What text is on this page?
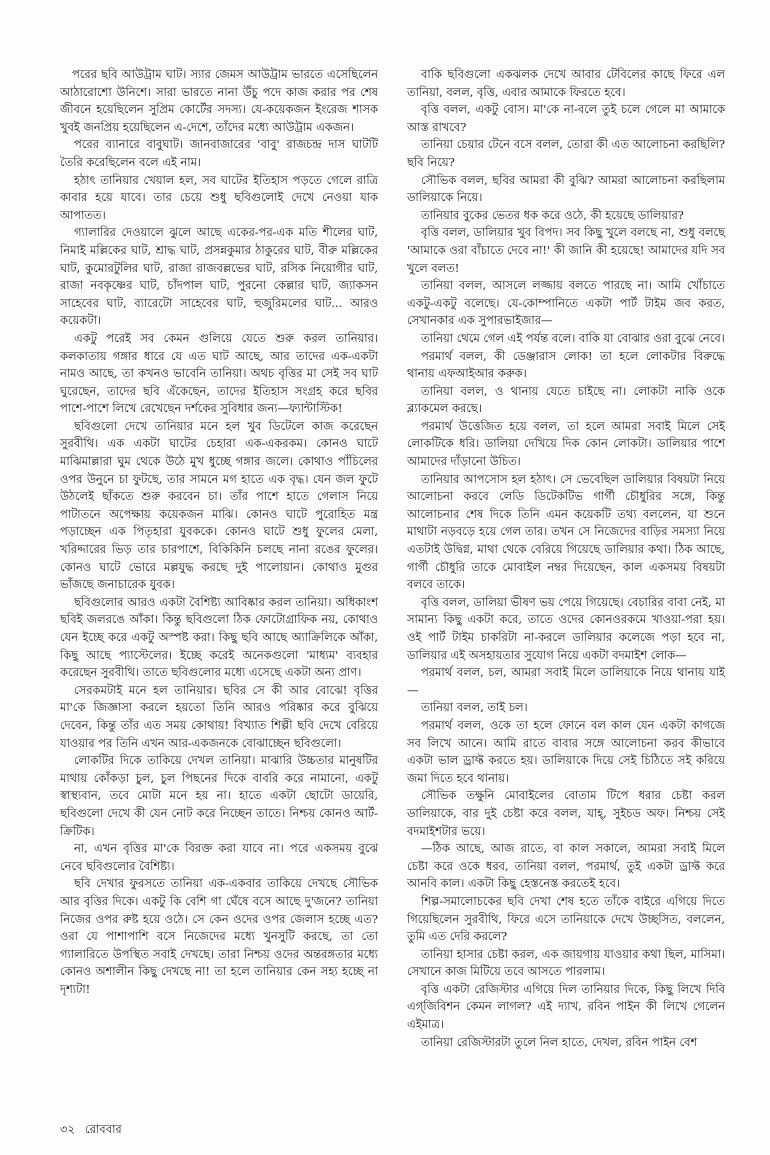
পরের ছবি আউট্রাম ঘাট। স্যার জেমস আউট্রাম ভারতে এসেছিলেন আঠারোশো উনিশে। সারা ভারতে নানা উঁচু পদে কাজ করার পর শেষ জীবনে হয়েছিলেন সুপ্রিম কোর্টের সদস্য। যে-কয়েকজন ইংরেজ শাসক খুবই জনপ্রিয় হয়েছিলেন এ-দেশে, তাঁদের মধ্যে আউট্রাম একজন।

পরের ব্যানারে বাবুঘাট। জানবাজারের 'বাবু' রাজচন্দ্র দাস ঘাটটি তৈরি করেছিলেন বলে এই নাম।

হঠাৎ তানিয়ার খেয়াল হল, সব ঘাটের ইতিহাস পড়তে গেলে রাত্রি কাবার হয়ে যাবে। তার চেয়ে শুধু ছবিগুলোই দেখে নেওয়া যাক আপাতত।

গ্যালারির দেওয়ালে ঝুলে আছে একের-পর-এক মতি শীলের ঘাট, নিমাই মল্লিকের ঘাট, শ্রাদ্ধ ঘাট, প্রসন্নকুমার ঠাকুরের ঘাট, বীরু মল্লিকের ঘাট, কুমোরটুলির ঘাট, রাজা রাজবল্লভের ঘাট, রসিক নিয়োগীর ঘাট, রাজা নবকৃষ্ণের ঘাট, চাঁদপাল ঘাট, পুরনো কেল্লার ঘাট, জ্যাকসন সাহেবের ঘাট, ব্যারেটো সাহেবের ঘাট, হুজুরিমলের ঘাট... আরও কয়েকটা।

একটু পরেই সব কেমন গুলিয়ে যেতে শুরু করল তানিয়ার। কলকাতায় গঙ্গার ধারে যে এত ঘাট আছে, আর তাদের এক-একটা নামও আছে, তা কখনও ভাবেনি তানিয়া। অথচ বৃত্তির মা সেই সব ঘাট ঘুরেছেন, তাদের ছবি এঁকেছেন, তাদের ইতিহাস সংগ্রহ করে ছবির পাশে-পাশে লিখে রেখেছেন দর্শকের সুবিধার জন্য—ফ্যান্টাস্টিক!

ছবিগুলো দেখে তানিয়ার মনে হল খুব ডিটেলে কাজ করেছেন সুরবীথি। এক একটা ঘাটের চেহারা এক-একরকম। কোনও ঘাটে মাঝিমাল্লারা ঘুম থেকে উঠে মুখ ধুচ্ছে গঙ্গার জলে। কোথাও পাঁচিলের ওপর উনুনে চা ফুটছে, তার সামনে মগ হাতে এক বৃদ্ধ। যেন জল ফুটে উঠলেই ছাঁকতে শুরু করবেন চা। তাঁর পাশে হাতে গেলাস নিয়ে পাটাতনে অপেক্ষায় কয়েকজন মাঝি। কোনও ঘাটে পুরোহিত মন্ত্র পড়াচ্ছেন এক পিতৃহারা যুবককে। কোনও ঘাটে শুধু ফুলের মেলা, খরিদ্দারের ভিড় তার চারপাশে, বিকিকিনি চলছে নানা রঙের ফুলের। কোনও ঘাটে ভোরে মল্লযুদ্ধ করছে দুই পালোয়ান। কোথাও মুগুর ভাঁজছে জনাচারেক যুবক।

ছবিগুলোর আরও একটা বৈশিষ্ট্য আবিষ্কার করল তানিয়া। অধিকাংশ ছবিই জলরঙে আঁকা। কিন্তু ছবিগুলো ঠিক ফোটোগ্রাফিক নয়, কোথাও যেন ইচ্ছে করে একটু অস্পষ্ট করা। কিছু ছবি আছে অ্যাক্রিলিকে আঁকা, কিছু আছে প্যাস্টেলের। ইচ্ছে করেই অনেকগুলো 'মাধ্যম' ব্যবহার করেছেন সুরবীথি। তাতে ছবিগুলোর মধ্যে এসেছে একটা অন্য প্রাণ।

সেরকমটাই মনে হল তানিয়ার। ছবির সে কী আর বোঝে! বৃত্তির মা'কে জিজ্ঞাসা করলে হয়তো তিনি আরও পরিষ্কার করে বুঝিয়ে দেবেন, কিন্তু তাঁর এত সময় কোথায়! বিখ্যাত শিল্পী ছবি দেখে বেরিয়ে যাওয়ার পর তিনি এখন আর-একজনকে বোঝাচ্ছেন ছবিগুলো।

লোকটির দিকে তাকিয়ে দেখল তানিয়া। মাঝারি উচ্চতার মানুষটির মাথায় কোঁকড়া চুল, চুল পিছনের দিকে বাবরি করে নামানো, একটু স্বাস্থ্যবান, তবে মোটা মনে হয় না। হাতে একটা ছোটো ডায়েরি, ছবিগুলো দেখে কী যেন নোট করে নিচ্ছেন তাতে। নিশ্চয় কোনও আর্ট-ক্রিটিক।

না, এখন বৃত্তির মা'কে বিরক্ত করা যাবে না। পরে একসময় বুঝে নেবে ছবিগুলোর বৈশিষ্ট্য।

ছবি দেখার ফুরসতে তানিয়া এক-একবার তাকিয়ে দেখছে সৌভিক আর বৃত্তির দিকে। একটু কি বেশি গা ঘেঁষে বসে আছে দু'জনে? তানিয়া নিজের ওপর রুষ্ট হয়ে ওঠে। সে কেন ওদের ওপর জেলাস হচ্ছে এত? ওরা যে পাশাপাশি বসে নিজেদের মধ্যে খুনসুটি করছে, তা তো গ্যালারিতে উপস্থিত সবাই দেখছে। তারা নিশ্চয় ওদের অন্তরঙ্গতার মধ্যে কোনও অশালীন কিছু দেখছে না! তা হলে তানিয়ার কেন সহ্য হচ্ছে না দৃশ্যটা!

বাকি ছবিগুলো একঝলক দেখে আবার টেবিলের কাছে ফিরে এল তানিয়া, বলল, বৃত্তি, এবার আমাকে ফিরতে হবে।

বৃত্তি বলল, একটু বোস। মা'কে না-বলে তুই চলে গেলে মা আমাকে আস্ত রাখবে?

তানিয়া চেয়ার টেনে বসে বলল, তোরা কী এত আলোচনা করছিলি? ছবি নিয়ে?

সৌভিক বলল, ছবির আমরা কী বুঝি? আমরা আলোচনা করছিলাম ডালিয়াকে নিয়ে।

তানিয়ার বুকের ভেতর ধক করে ওঠে, কী হয়েছে ডালিয়ার?

বৃত্তি বলল, ডালিয়ার খুব বিপদ। সব কিছু খুলে বলছে না, শুধু বলছে 'আমাকে ওরা বাঁচাতে দেবে না!' কী জানি কী হয়েছে! আমাদের যদি সব খুলে বলত!

তানিয়া বলল, আসলে লজ্জায় বলতে পারছে না। আমি খোঁচাতে একটু-একটু বলেছে। যে-কোম্পানিতে একটা পার্ট টাইম জব করত, সেখানকার এক সুপারভাইজার—

তানিয়া থেমে গেল এই পর্যন্ত বলে। বাকি যা বোঝার ওরা বুঝে নেবে।

পরমার্থ বলল, কী ডেঞ্জারাস লোক! তা হলে লোকটার বিরুদ্ধে থানায় এফআইআর করুক।

তানিয়া বলল, ও থানায় যেতে চাইছে না। লোকটা নাকি ওকে ব্ল্যাকমেল করছে।

পরমার্থ উত্তেজিত হয়ে বলল, তা হলে আমরা সবাই মিলে সেই লোকটিকে ধরি। ডালিয়া দেখিয়ে দিক কোন লোকটা। ডালিয়ার পাশে আমাদের দাঁড়ানো উচিত।

তানিয়ার আপসোস হল হঠাৎ। সে ভেবেছিল ডালিয়ার বিষয়টা নিয়ে আলোচনা করবে লেডি ডিটেকটিভ গার্গী চৌধুরির সঙ্গে, কিন্তু আলোচনার শেষ দিকে তিনি এমন কয়েকটি তথ্য বললেন, যা শুনে মাথাটা নড়বড়ে হয়ে গেল তার। তখন সে নিজেদের বাড়ির সমস্যা নিয়ে এতটাই উদ্বিগ্ন, মাথা থেকে বেরিয়ে গিয়েছে ডালিয়ার কথা। ঠিক আছে, গার্গী চৌধুরি তাকে মোবাইল নম্বর দিয়েছেন, কাল একসময় বিষয়টা বলবে তাকে।

বৃত্তি বলল, ডালিয়া ভীষণ ভয় পেয়ে গিয়েছে। বেচারির বাবা নেই, মা সামান্য কিছু একটা করে, তাতে ওদের কোনওরকমে খাওয়া-পরা হয়। ওই পার্ট টাইম চাকরিটা না-করলে ডালিয়ার কলেজে পড়া হবে না, ডালিয়ার এই অসহায়তার সুযোগ নিয়ে একটা বদমাইশ লোক—

পরমার্থ বলল, চল, আমরা সবাই মিলে ডালিয়াকে নিয়ে থানায় যাই—

তানিয়া বলল, তাই চল।

পরমার্থ বলল, ওকে তা হলে ফোনে বল কাল যেন একটা কাগজে সব লিখে আনে। আমি রাতে বাবার সঙ্গে আলোচনা করব কীভাবে একটা ভাল ড্রাফ্ট করতে হয়। ডালিয়াকে দিয়ে সেই চিঠিতে সই করিয়ে জমা দিতে হবে থানায়।

সৌভিক তক্ষুনি মোবাইলের বোতাম টিপে ধরার চেষ্টা করল ডালিয়াকে, বার দুই চেষ্টা করে বলল, যাহ্, সুইচড অফ। নিশ্চয় সেই বদমাইশটার ভয়ে।

—ঠিক আছে, আজ রাতে, বা কাল সকালে, আমরা সবাই মিলে চেষ্টা করে ওকে ধরব, তানিয়া বলল, পরমার্থ, তুই একটা ড্রাফ্ট করে আনবি কাল। একটা কিছু হেস্তনেস্ত করতেই হবে।

শিল্প-সমালোচকের ছবি দেখা শেষ হতে তাঁকে বাইরে এগিয়ে দিতে গিয়েছিলেন সুরবীথি, ফিরে এসে তানিয়াকে দেখে উচ্ছসিত, বললেন, তুমি এত দেরি করলে?

তানিয়া হাসার চেষ্টা করল, এক জায়গায় যাওয়ার কথা ছিল, মাসিমা। সেখানে কাজ মিটিয়ে তবে আসতে পারলাম।

বৃত্তি একটা রেজিস্টার এগিয়ে দিল তানিয়ার দিকে, কিছু লিখে দিবি এগ্‌জিবিশন কেমন লাগল? এই দ্যাখ, রবিন পাইন কী লিখে গেলেন এইমাত্র।

তানিয়া রেজিস্টারটা তুলে নিল হাতে, দেখল, রবিন পাইন বেশ

৩২ রোববার
